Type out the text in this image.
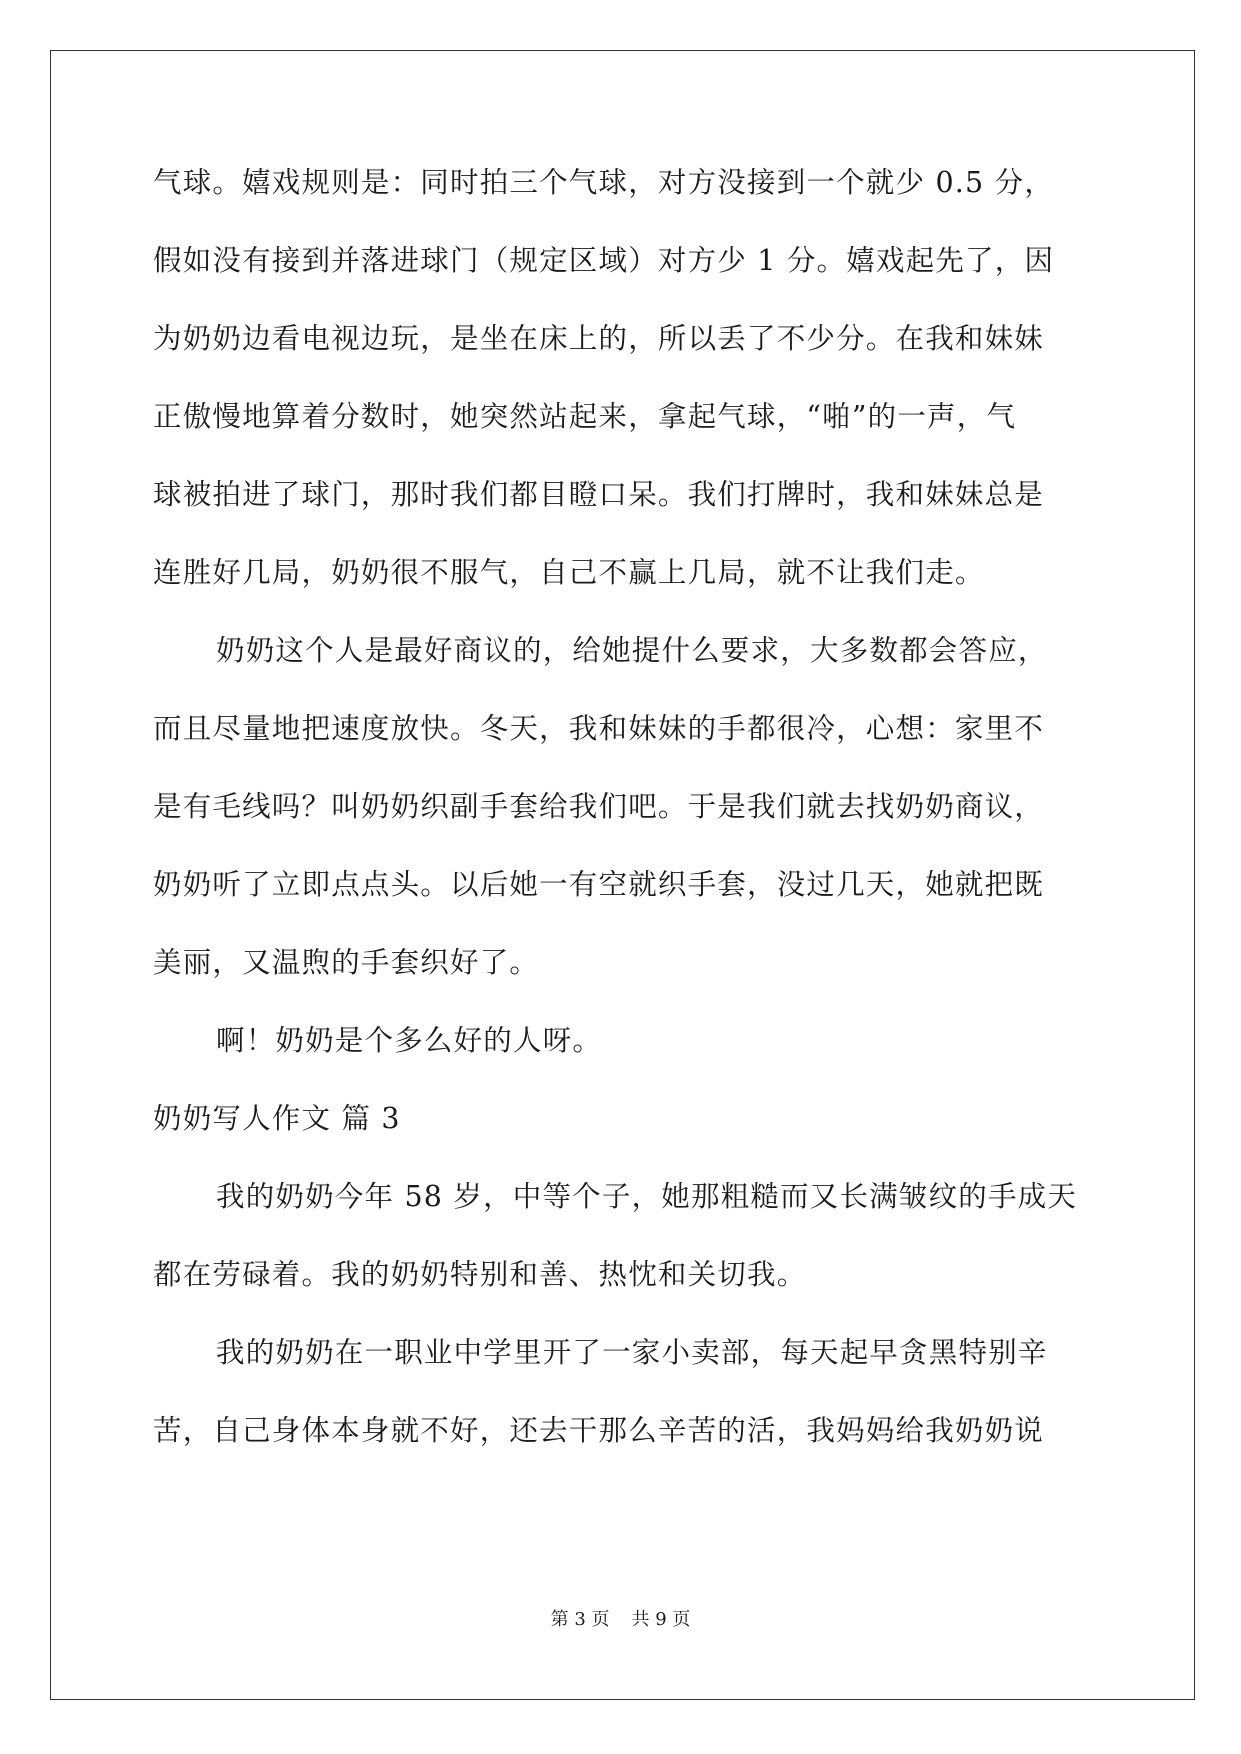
气球。嬉戏规则是：同时拍三个气球，对方没接到一个就少 0.5 分，
假如没有接到并落进球门（规定区域）对方少 1 分。嬉戏起先了，因
为奶奶边看电视边玩，是坐在床上的，所以丢了不少分。在我和妹妹
正傲慢地算着分数时，她突然站起来，拿起气球，“啪”的一声，气
球被拍进了球门，那时我们都目瞪口呆。我们打牌时，我和妹妹总是
连胜好几局，奶奶很不服气，自己不赢上几局，就不让我们走。
奶奶这个人是最好商议的，给她提什么要求，大多数都会答应，
而且尽量地把速度放快。冬天，我和妹妹的手都很冷，心想：家里不
是有毛线吗？叫奶奶织副手套给我们吧。于是我们就去找奶奶商议，
奶奶听了立即点点头。以后她一有空就织手套，没过几天，她就把既
美丽，又温煦的手套织好了。
啊！奶奶是个多么好的人呀。
奶奶写人作文 篇 3
我的奶奶今年 58 岁，中等个子，她那粗糙而又长满皱纹的手成天
都在劳碌着。我的奶奶特别和善、热忱和关切我。
我的奶奶在一职业中学里开了一家小卖部，每天起早贪黑特别辛
苦，自己身体本身就不好，还去干那么辛苦的活，我妈妈给我奶奶说
第 3 页 共 9 页
